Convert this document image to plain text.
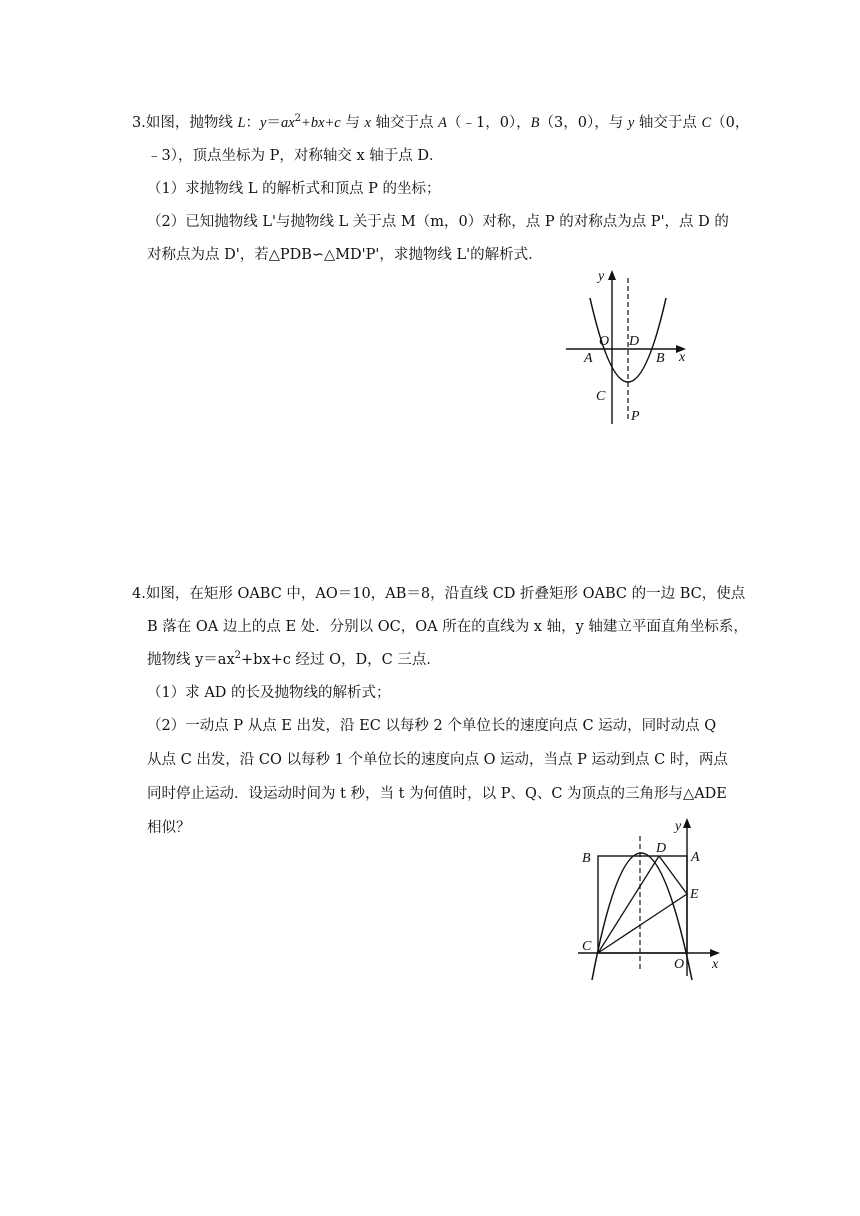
3.如图，抛物线 L：$y=ax^2+bx+c$ 与 x 轴交于点 A（﹣1，0），B（3，0），与 y 轴交于点 C（0，
﹣3），顶点坐标为 P，对称轴交 x 轴于点 D．
（1）求抛物线 L 的解析式和顶点 P 的坐标；
（2）已知抛物线 L'与抛物线 L 关于点 M（m，0）对称，点 P 的对称点为点 P'，点 D 的
对称点为点 D'，若△PDB∽△MD'P'，求抛物线 L'的解析式．
y
x
O D
A	B
C
P
4.如图，在矩形 OABC 中，AO＝10，AB＝8，沿直线 CD 折叠矩形 OABC 的一边 BC，使点
B 落在 OA 边上的点 E 处．分别以 OC，OA 所在的直线为 x 轴，y 轴建立平面直角坐标系，
抛物线 $y=ax^2+bx+c$ 经过 O，D，C 三点．
（1）求 AD 的长及抛物线的解析式；
（2）一动点 P 从点 E 出发，沿 EC 以每秒 2 个单位长的速度向点 C 运动，同时动点 Q
从点 C 出发，沿 CO 以每秒 1 个单位长的速度向点 O 运动，当点 P 运动到点 C 时，两点
同时停止运动．设运动时间为 t 秒，当 t 为何值时，以 P、Q、C 为顶点的三角形与△ADE
相似？	y
x
B
D
A
E
C
O
